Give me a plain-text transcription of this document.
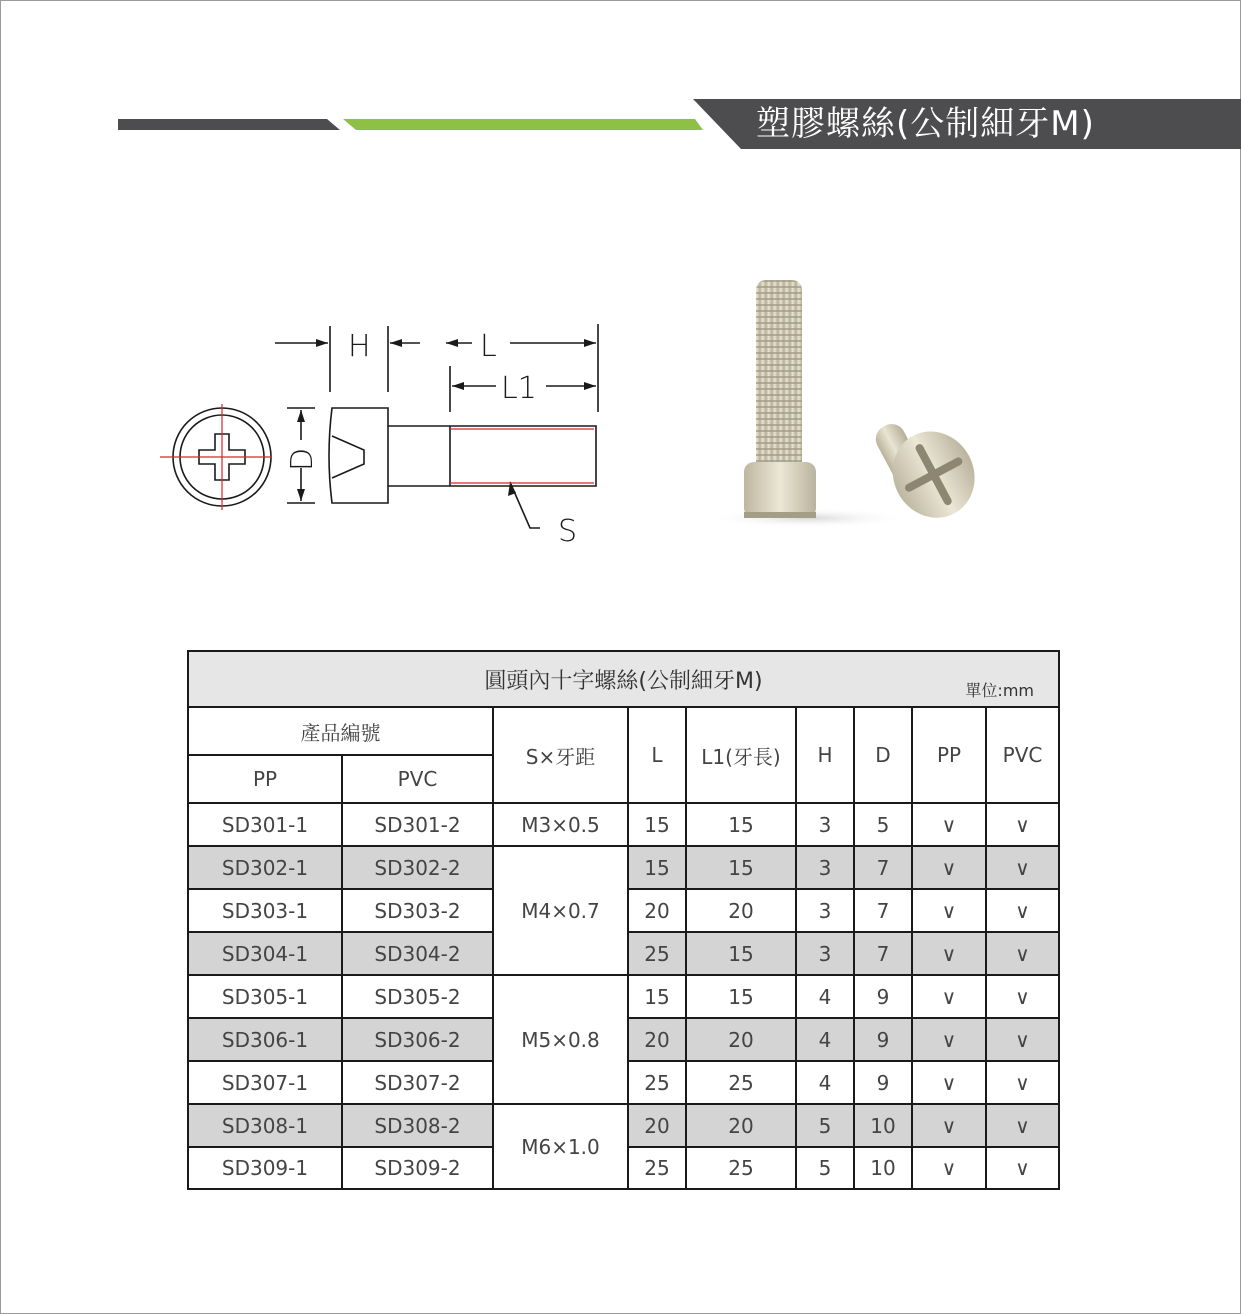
塑膠螺絲(公制細牙M)
H	L
L1
D
S
圓頭內十字螺絲(公制細牙M) 單位:mm								

產品編號		S×牙距	L	L1(牙長)	H	D	PP	PVC
PP	PVC							
SD301-1	SD301-2	M3×0.5	15	15	3	5	∨	∨
SD302-1	SD302-2	M4×0.7	15	15	3	7	∨	∨
SD303-1	SD303-2		20	20	3	7	∨	∨
SD304-1	SD304-2		25	15	3	7	∨	∨
SD305-1	SD305-2	M5×0.8	15	15	4	9	∨	∨
SD306-1	SD306-2		20	20	4	9	∨	∨
SD307-1	SD307-2		25	25	4	9	∨	∨
SD308-1	SD308-2	M6×1.0	20	20	5	10	∨	∨
SD309-1	SD309-2		25	25	5	10	∨	∨
